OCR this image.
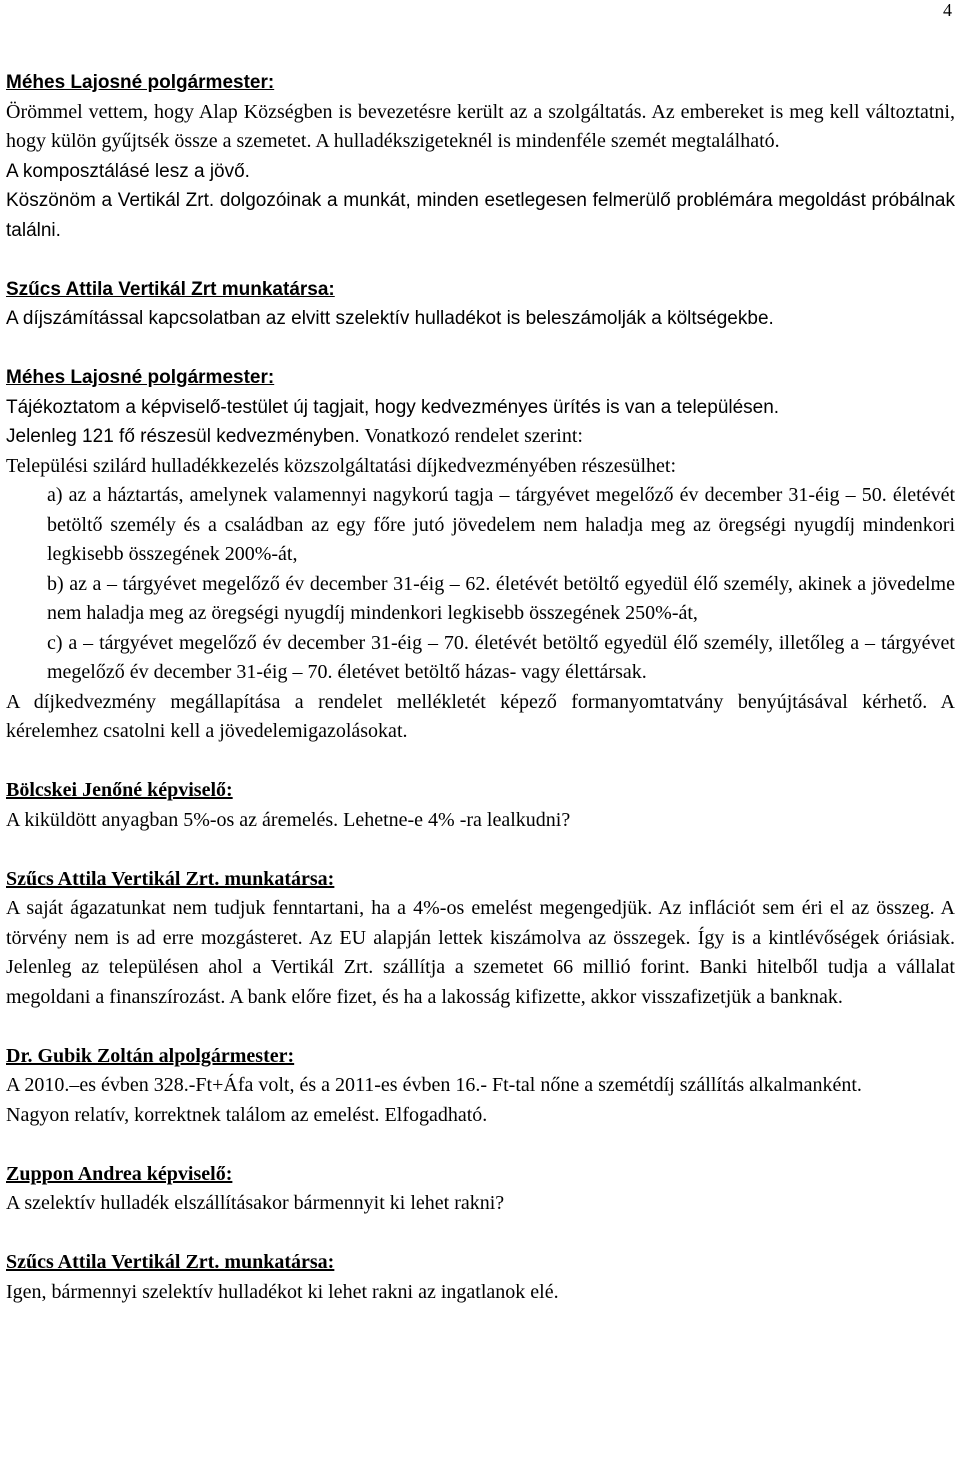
4
Méhes Lajosné polgármester:
Örömmel vettem, hogy Alap Községben is bevezetésre került az a szolgáltatás. Az embereket is meg kell változtatni, hogy külön gyűjtsék össze a szemetet. A hulladékszigeteknél is mindenféle szemét megtalálható.
A komposztálásé lesz a jövő.
Köszönöm a Vertikál Zrt. dolgozóinak a munkát, minden esetlegesen felmerülő problémára megoldást próbálnak találni.
Szűcs Attila Vertikál Zrt munkatársa:
A díjszámítással kapcsolatban az elvitt szelektív hulladékot is beleszámolják a költségekbe.
Méhes Lajosné polgármester:
Tájékoztatom a képviselő-testület új tagjait, hogy kedvezményes ürítés is van a településen.
Jelenleg 121 fő részesül kedvezményben. Vonatkozó rendelet szerint:
Települési szilárd hulladékkezelés közszolgáltatási díjkedvezményében részesülhet:
a) az a háztartás, amelynek valamennyi nagykorú tagja – tárgyévet megelőző év december 31-éig – 50. életévét betöltő személy és a családban az egy főre jutó jövedelem nem haladja meg az öregségi nyugdíj mindenkori legkisebb összegének 200%-át,
b) az a – tárgyévet megelőző év december 31-éig – 62. életévét betöltő egyedül élő személy, akinek a jövedelme nem haladja meg az öregségi nyugdíj mindenkori legkisebb összegének 250%-át,
c) a – tárgyévet megelőző év december 31-éig – 70. életévét betöltő egyedül élő személy, illetőleg a – tárgyévet megelőző év december 31-éig – 70. életévet betöltő házas- vagy élettársak.
A díjkedvezmény megállapítása a rendelet mellékletét képező formanyomtatvány benyújtásával kérhető. A kérelemhez csatolni kell a jövedelemigazolásokat.
Bölcskei Jenőné képviselő:
A kiküldött anyagban 5%-os az áremelés. Lehetne-e 4% -ra lealkudni?
Szűcs Attila Vertikál Zrt. munkatársa:
A saját ágazatunkat nem tudjuk fenntartani, ha a 4%-os emelést megengedjük. Az inflációt sem éri el az összeg. A törvény nem is ad erre mozgásteret. Az EU alapján lettek kiszámolva az összegek. Így is a kintlévőségek óriásiak. Jelenleg az településen ahol a Vertikál Zrt. szállítja a szemetet 66 millió forint. Banki hitelből tudja a vállalat megoldani a finanszírozást. A bank előre fizet, és ha a lakosság kifizette, akkor visszafizetjük a banknak.
Dr. Gubik Zoltán alpolgármester:
A 2010.–es évben 328.-Ft+Áfa volt, és a 2011-es évben 16.- Ft-tal nőne a szemétdíj szállítás alkalmanként.
Nagyon relatív, korrektnek találom az emelést. Elfogadható.
Zuppon Andrea képviselő:
A szelektív hulladék elszállításakor bármennyit ki lehet rakni?
Szűcs Attila Vertikál Zrt. munkatársa:
Igen, bármennyi szelektív hulladékot ki lehet rakni az ingatlanok elé.
